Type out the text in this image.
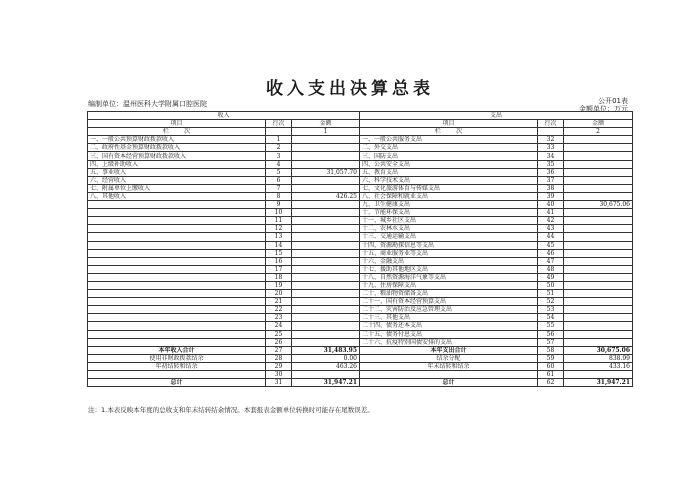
收入支出决算总表
编制单位：温州医科大学附属口腔医院	公开01表
金额单位：万元
收入			支出		
项目	行次	金额	项目	行次	金额
栏 次		1	栏 次		2
一、一般公共预算财政拨款收入	1		一、一般公共服务支出	32	
二、政府性基金预算财政拨款收入	2		二、外交支出	33	
三、国有资本经营预算财政拨款收入	3		三、国防支出	34	
四、上级补助收入	4		四、公共安全支出	35	
五、事业收入	5	31,057.70	五、教育支出	36	
六、经营收入	6		六、科学技术支出	37	
七、附属单位上缴收入	7		七、文化旅游体育与传媒支出	38	
八、其他收入	8	426.25	八、社会保障和就业支出	39	
	9		九、卫生健康支出	40	30,675.06
	10		十、节能环保支出	41	
	11		十一、城乡社区支出	42	
	12		十二、农林水支出	43	
	13		十三、交通运输支出	44	
	14		十四、资源勘探信息等支出	45	
	15		十五、商业服务业等支出	46	
	16		十六、金融支出	47	
	17		十七、援助其他地区支出	48	
	18		十八、自然资源海洋气象等支出	49	
	19		十九、住房保障支出	50	
	20		二十、粮油物资储备支出	51	
	21		二十一、国有资本经营预算支出	52	
	22		二十二、灾害防治及应急管理支出	53	
	23		二十三、其他支出	54	
	24		二十四、债务还本支出	55	
	25		二十五、债务付息支出	56	
	26		二十六、抗疫特别国债安排的支出	57	
本年收入合计	27	31,483.95	本年支出合计	58	30,675.06
使用非财政拨款结余	28	0.00	结余分配	59	838.99
年初结转和结余	29	463.26	年末结转和结余	60	433.16
	30			61	
总计	31	31,947.21	总计	62	31,947.21
注：1.本表反映本年度的总收支和年末结转结余情况。本套报表金额单位转换时可能存在尾数误差。
